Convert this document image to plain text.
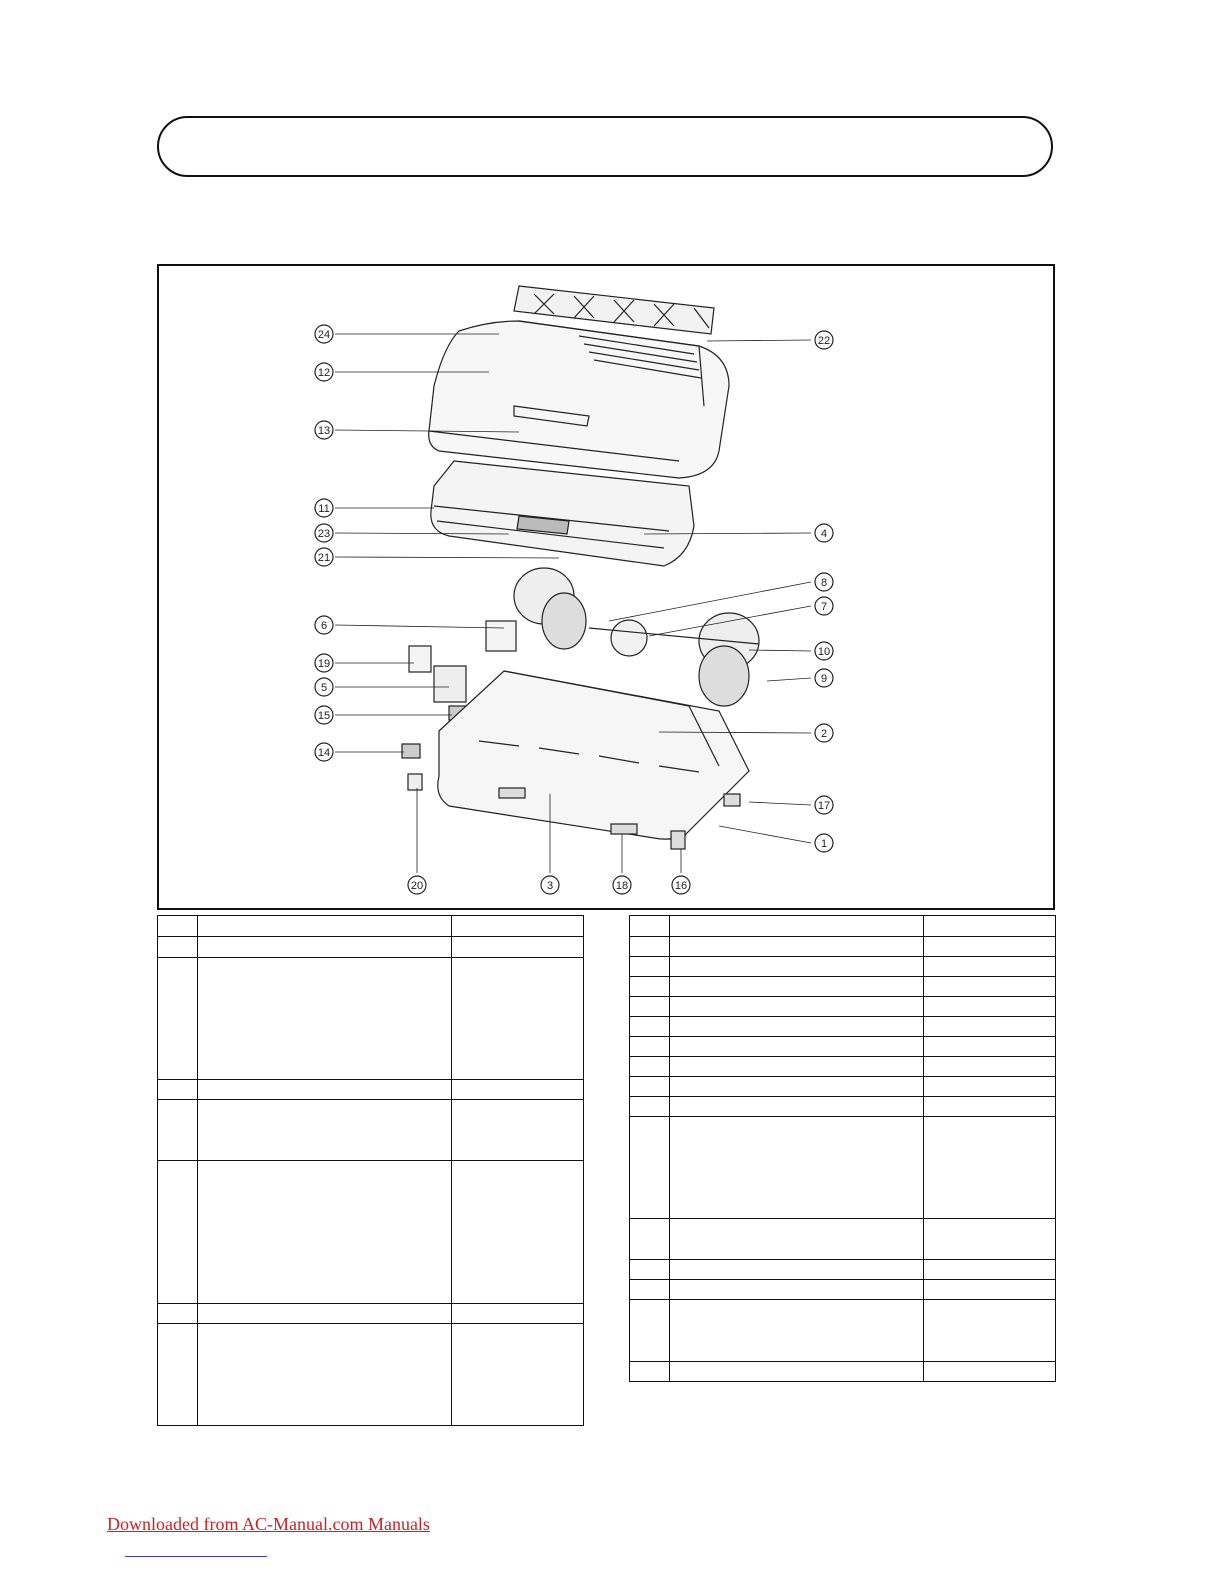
24
12
13
11
23
21
6
19
5
15
14
20	3	18	16
1
17
2
9
10
7
8
4
22

Downloaded from AC-Manual.com Manuals
